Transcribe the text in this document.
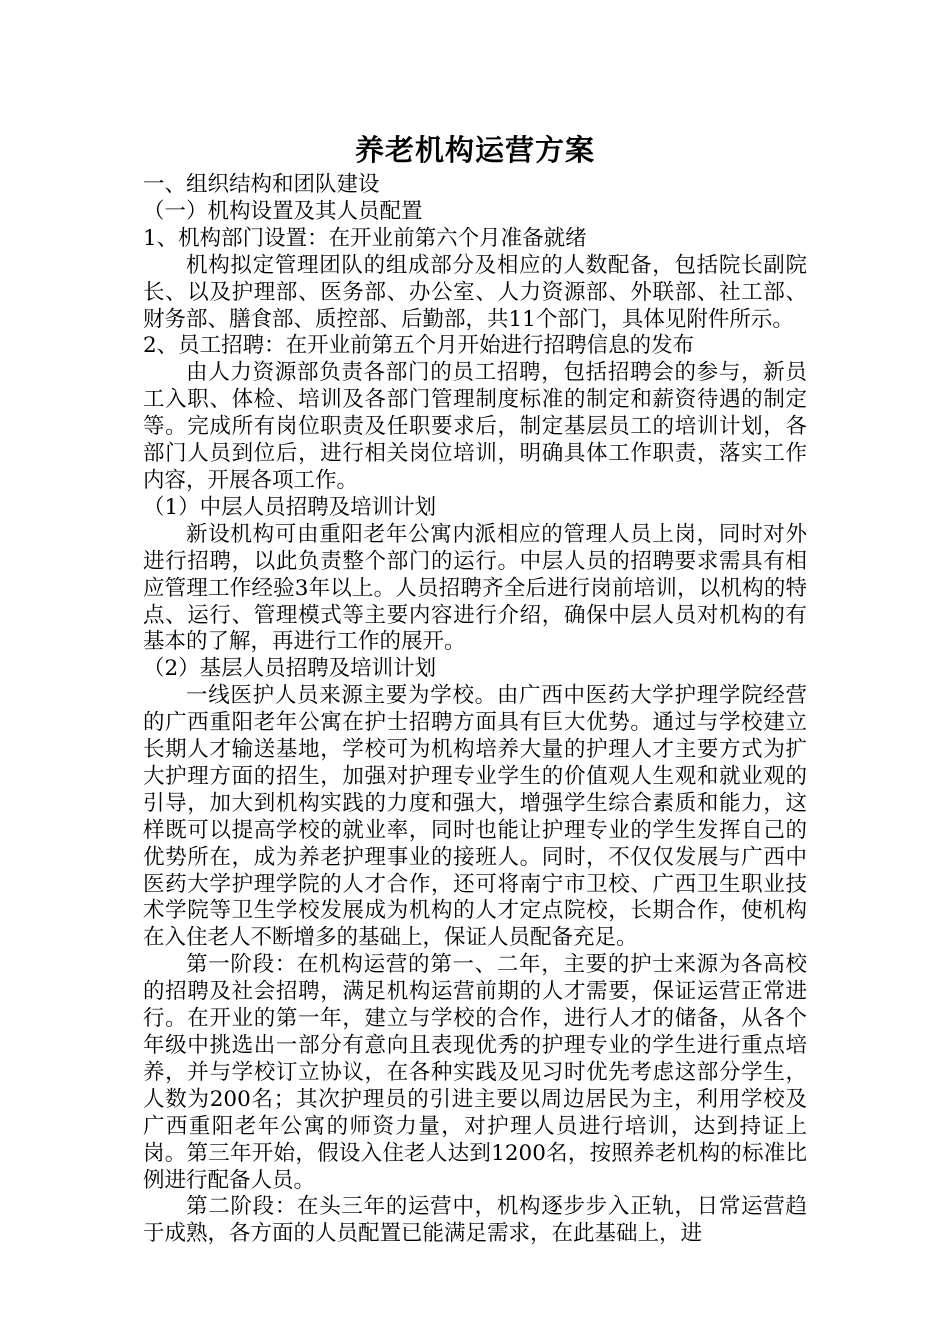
养老机构运营方案
一、组织结构和团队建设
（一）机构设置及其人员配置
1、机构部门设置：在开业前第六个月准备就绪

机构拟定管理团队的组成部分及相应的人数配备，包括院长副院长、以及护理部、医务部、办公室、人力资源部、外联部、社工部、财务部、膳食部、质控部、后勤部，共11个部门，具体见附件所示。

2、员工招聘：在开业前第五个月开始进行招聘信息的发布

由人力资源部负责各部门的员工招聘，包括招聘会的参与，新员工入职、体检、培训及各部门管理制度标准的制定和薪资待遇的制定等。完成所有岗位职责及任职要求后，制定基层员工的培训计划，各部门人员到位后，进行相关岗位培训，明确具体工作职责，落实工作内容，开展各项工作。

（1）中层人员招聘及培训计划

新设机构可由重阳老年公寓内派相应的管理人员上岗，同时对外进行招聘，以此负责整个部门的运行。中层人员的招聘要求需具有相应管理工作经验3年以上。人员招聘齐全后进行岗前培训，以机构的特点、运行、管理模式等主要内容进行介绍，确保中层人员对机构的有基本的了解，再进行工作的展开。

（2）基层人员招聘及培训计划

一线医护人员来源主要为学校。由广西中医药大学护理学院经营的广西重阳老年公寓在护士招聘方面具有巨大优势。通过与学校建立长期人才输送基地，学校可为机构培养大量的护理人才主要方式为扩大护理方面的招生，加强对护理专业学生的价值观人生观和就业观的引导，加大到机构实践的力度和强大，增强学生综合素质和能力，这样既可以提高学校的就业率，同时也能让护理专业的学生发挥自己的优势所在，成为养老护理事业的接班人。同时，不仅仅发展与广西中医药大学护理学院的人才合作，还可将南宁市卫校、广西卫生职业技术学院等卫生学校发展成为机构的人才定点院校，长期合作，使机构在入住老人不断增多的基础上，保证人员配备充足。

第一阶段：在机构运营的第一、二年，主要的护士来源为各高校的招聘及社会招聘，满足机构运营前期的人才需要，保证运营正常进行。在开业的第一年，建立与学校的合作，进行人才的储备，从各个年级中挑选出一部分有意向且表现优秀的护理专业的学生进行重点培养，并与学校订立协议，在各种实践及见习时优先考虑这部分学生，人数为200名；其次护理员的引进主要以周边居民为主，利用学校及广西重阳老年公寓的师资力量，对护理人员进行培训，达到持证上岗。第三年开始，假设入住老人达到1200名，按照养老机构的标准比例进行配备人员。

第二阶段：在头三年的运营中，机构逐步步入正轨，日常运营趋于成熟，各方面的人员配置已能满足需求，在此基础上，进
